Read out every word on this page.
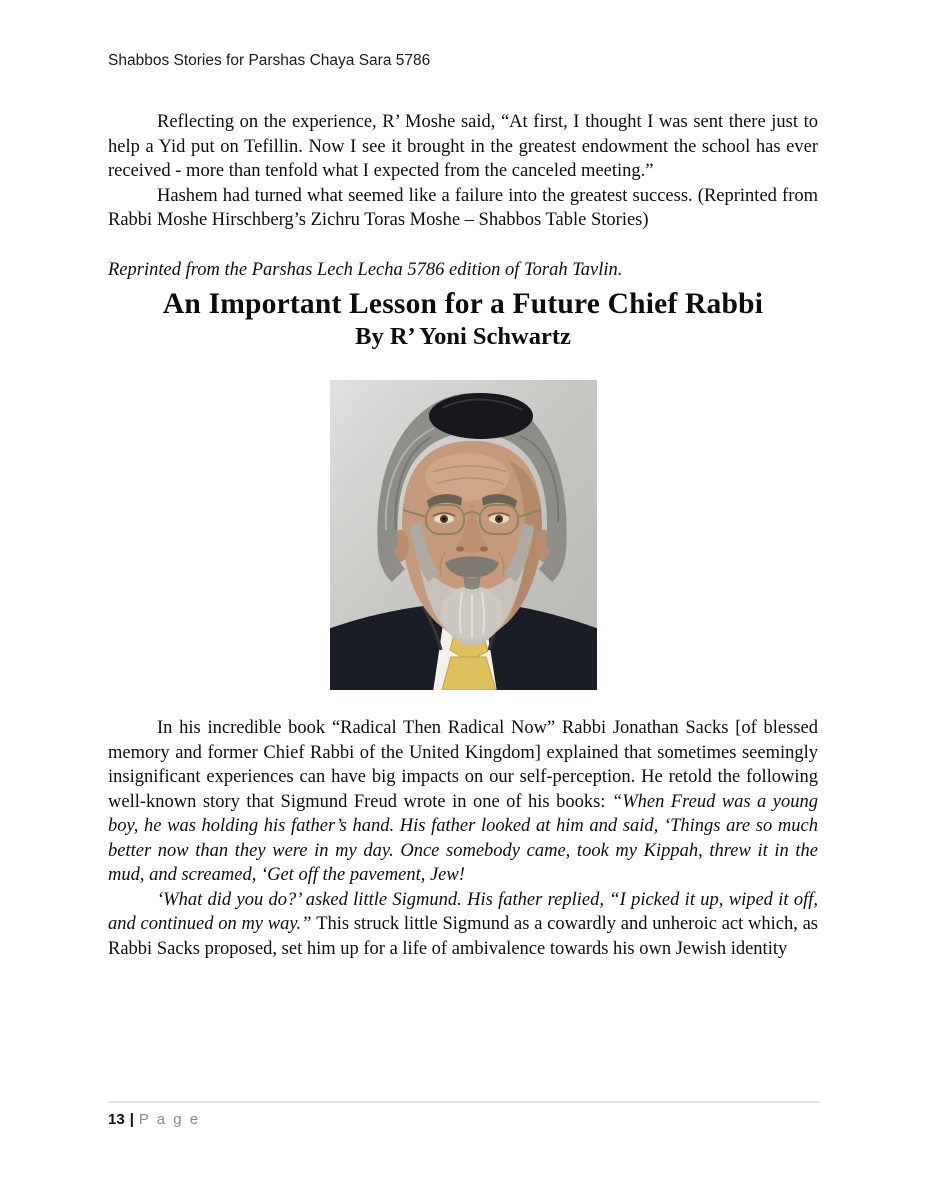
Shabbos Stories for Parshas Chaya Sara 5786

Reflecting on the experience, R’ Moshe said, “At first, I thought I was sent there just to help a Yid put on Tefillin. Now I see it brought in the greatest endowment the school has ever received - more than tenfold what I expected from the canceled meeting.”

Hashem had turned what seemed like a failure into the greatest success. (Reprinted from Rabbi Moshe Hirschberg’s Zichru Toras Moshe – Shabbos Table Stories)

Reprinted from the Parshas Lech Lecha 5786 edition of Torah Tavlin.

An Important Lesson for a Future Chief Rabbi
By R’ Yoni Schwartz

In his incredible book “Radical Then Radical Now” Rabbi Jonathan Sacks [of blessed memory and former Chief Rabbi of the United Kingdom] explained that sometimes seemingly insignificant experiences can have big impacts on our self-perception. He retold the following well-known story that Sigmund Freud wrote in one of his books: “When Freud was a young boy, he was holding his father’s hand. His father looked at him and said, ‘Things are so much better now than they were in my day. Once somebody came, took my Kippah, threw it in the mud, and screamed, ‘Get off the pavement, Jew!

‘What did you do?’ asked little Sigmund. His father replied, “I picked it up, wiped it off, and continued on my way.” This struck little Sigmund as a cowardly and unheroic act which, as Rabbi Sacks proposed, set him up for a life of ambivalence towards his own Jewish identity

13 | P a g e
